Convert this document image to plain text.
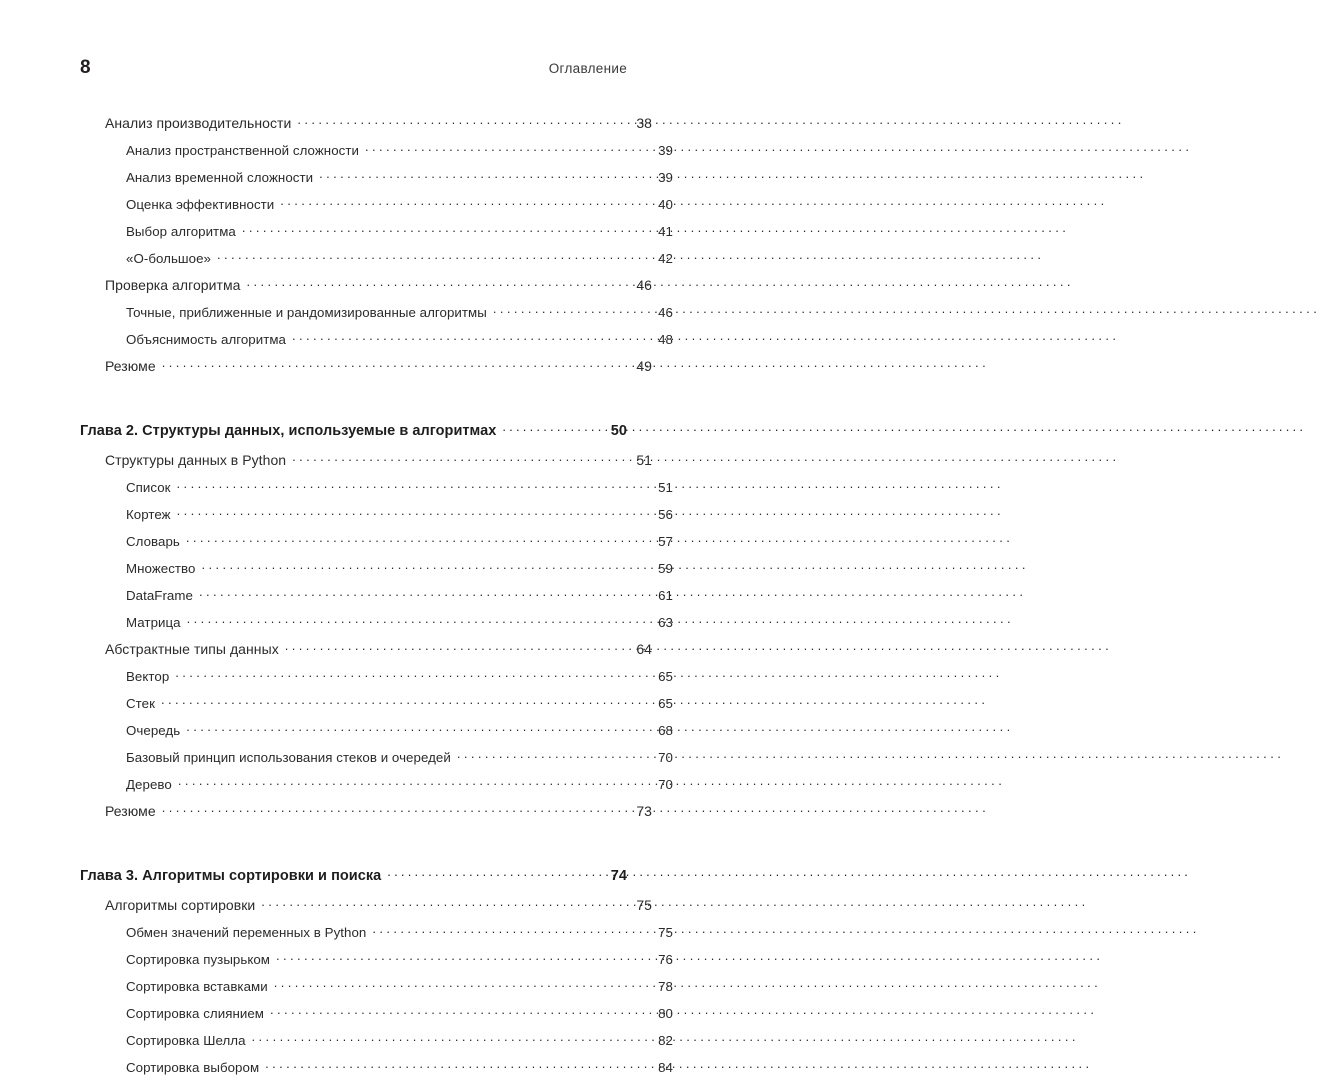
8	Оглавление
Анализ производительности .....	38
Анализ пространственной сложности .....	39
Анализ временной сложности .....	39
Оценка эффективности .....	40
Выбор алгоритма .....	41
«О-большое» .....	42
Проверка алгоритма .....	46
Точные, приближенные и рандомизированные алгоритмы .....	46
Объяснимость алгоритма .....	48
Резюме .....	49
Глава 2. Структуры данных, используемые в алгоритмах .....	50
Структуры данных в Python .....	51
Список .....	51
Кортеж .....	56
Словарь .....	57
Множество .....	59
DataFrame .....	61
Матрица .....	63
Абстрактные типы данных .....	64
Вектор .....	65
Стек .....	65
Очередь .....	68
Базовый принцип использования стеков и очередей .....	70
Дерево .....	70
Резюме .....	73
Глава 3. Алгоритмы сортировки и поиска .....	74
Алгоритмы сортировки .....	75
Обмен значений переменных в Python .....	75
Сортировка пузырьком .....	76
Сортировка вставками .....	78
Сортировка слиянием .....	80
Сортировка Шелла .....	82
Сортировка выбором .....	84
